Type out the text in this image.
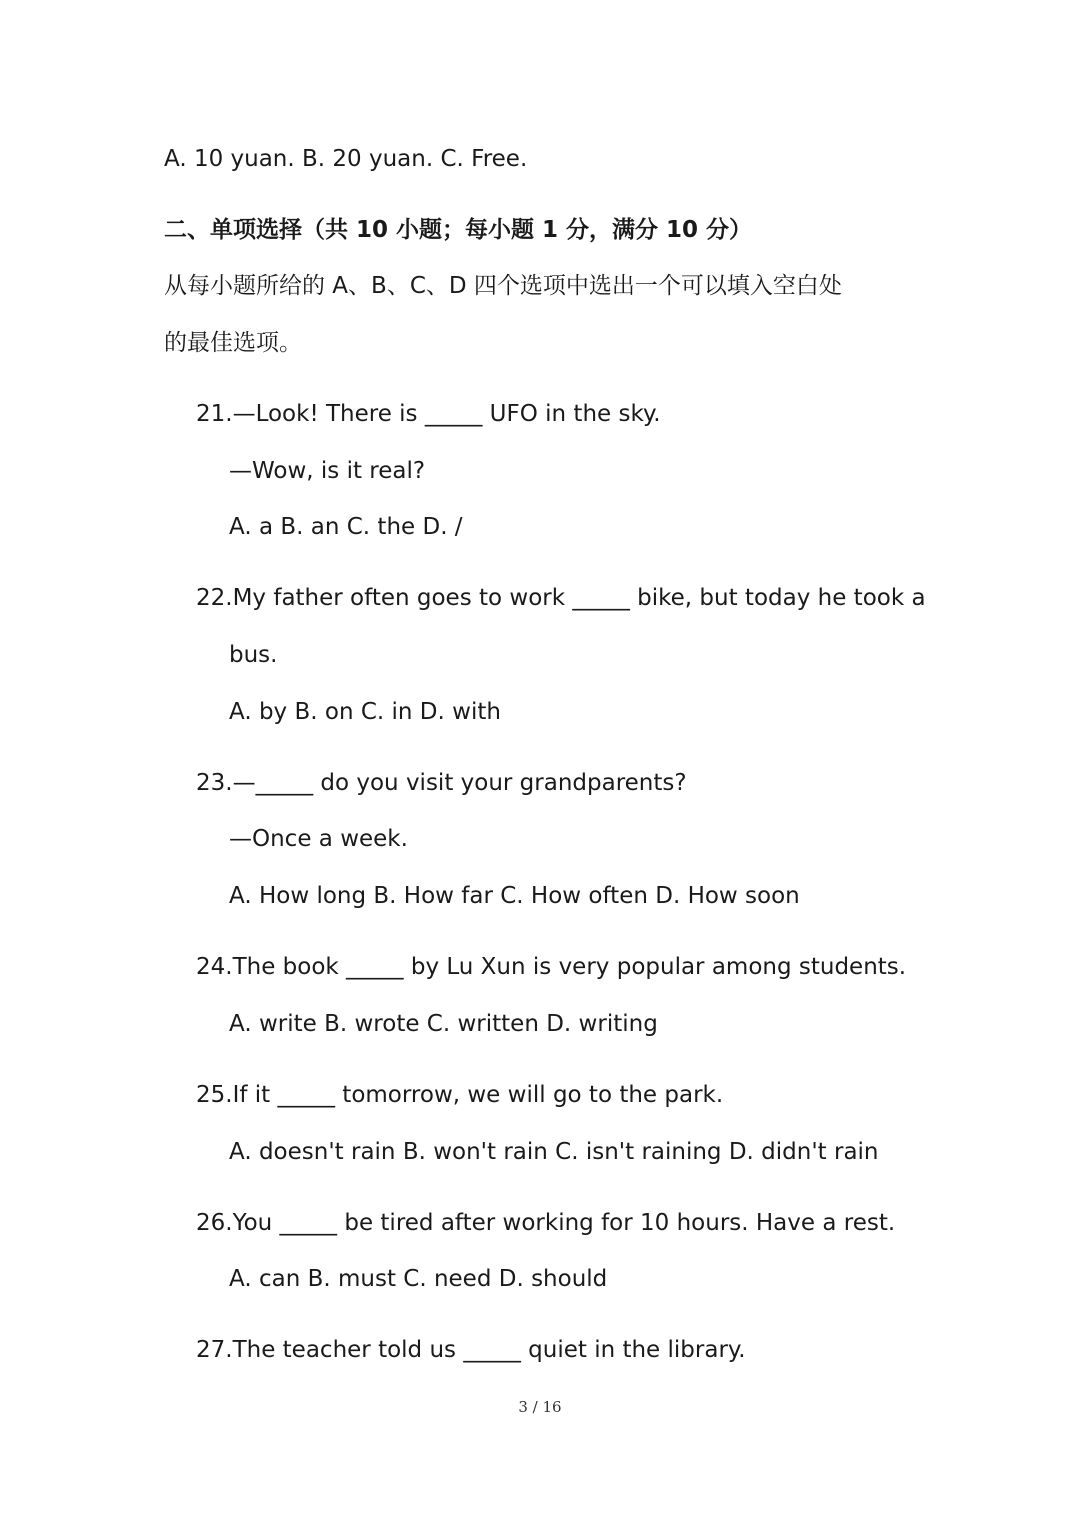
A. 10 yuan. B. 20 yuan. C. Free.
二、单项选择（共 10 小题；每小题 1 分，满分 10 分）
从每小题所给的 A、B、C、D 四个选项中选出一个可以填入空白处
的最佳选项。
21.—Look! There is _____ UFO in the sky.
—Wow, is it real?
A. a B. an C. the D. /
22.My father often goes to work _____ bike, but today he took a
bus.
A. by B. on C. in D. with
23.—_____ do you visit your grandparents?
—Once a week.
A. How long B. How far C. How often D. How soon
24.The book _____ by Lu Xun is very popular among students.
A. write B. wrote C. written D. writing
25.If it _____ tomorrow, we will go to the park.
A. doesn't rain B. won't rain C. isn't raining D. didn't rain
26.You _____ be tired after working for 10 hours. Have a rest.
A. can B. must C. need D. should
27.The teacher told us _____ quiet in the library.
3 / 16
